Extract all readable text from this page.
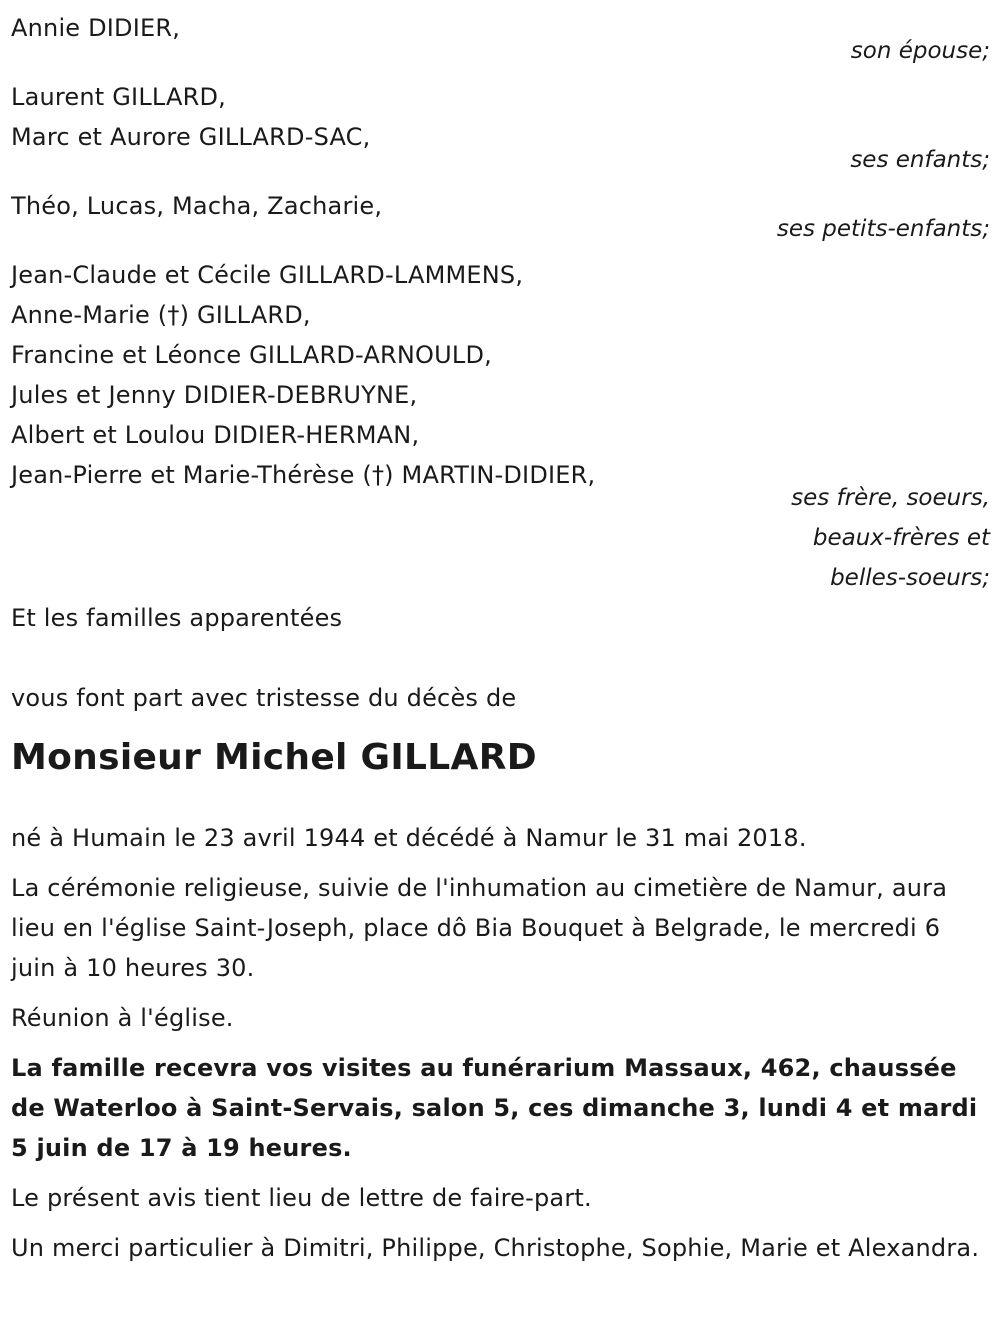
Annie DIDIER,
son épouse;
Laurent GILLARD,
Marc et Aurore GILLARD-SAC,
ses enfants;
Théo, Lucas, Macha, Zacharie,
ses petits-enfants;
Jean-Claude et Cécile GILLARD-LAMMENS,
Anne-Marie (†) GILLARD,
Francine et Léonce GILLARD-ARNOULD,
Jules et Jenny DIDIER-DEBRUYNE,
Albert et Loulou DIDIER-HERMAN,
Jean-Pierre et Marie-Thérèse (†) MARTIN-DIDIER,
ses frère, soeurs,
beaux-frères et
belles-soeurs;
Et les familles apparentées
vous font part avec tristesse du décès de
Monsieur Michel GILLARD
né à Humain le 23 avril 1944 et décédé à Namur le 31 mai 2018.
La cérémonie religieuse, suivie de l'inhumation au cimetière de Namur, aura lieu en l'église Saint-Joseph, place dô Bia Bouquet à Belgrade, le mercredi 6 juin à 10 heures 30.
Réunion à l'église.
La famille recevra vos visites au funérarium Massaux, 462, chaussée de Waterloo à Saint-Servais, salon 5, ces dimanche 3, lundi 4 et mardi 5 juin de 17 à 19 heures.
Le présent avis tient lieu de lettre de faire-part.
Un merci particulier à Dimitri, Philippe, Christophe, Sophie, Marie et Alexandra.
